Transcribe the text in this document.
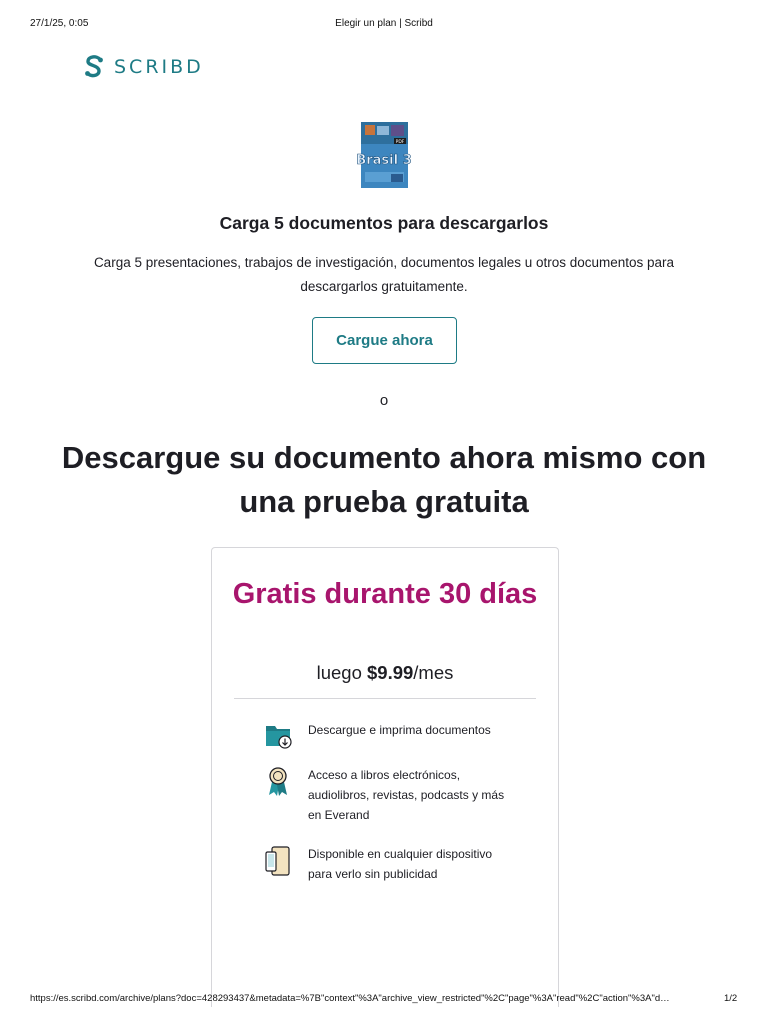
27/1/25, 0:05	Elegir un plan | Scribd
SCRIBD
PDF
Brasil 3
Carga 5 documentos para descargarlos
Carga 5 presentaciones, trabajos de investigación, documentos legales u otros documentos para descargarlos gratuitamente.
Cargue ahora
o
Descargue su documento ahora mismo con una prueba gratuita
Gratis durante 30 días
luego $9.99/mes
Descargue e imprima documentos
Acceso a libros electrónicos, audiolibros, revistas, podcasts y más en Everand
Disponible en cualquier dispositivo para verlo sin publicidad
https://es.scribd.com/archive/plans?doc=428293437&metadata=%7B"context"%3A"archive_view_restricted"%2C"page"%3A"read"%2C"action"%3A"d…	1/2
